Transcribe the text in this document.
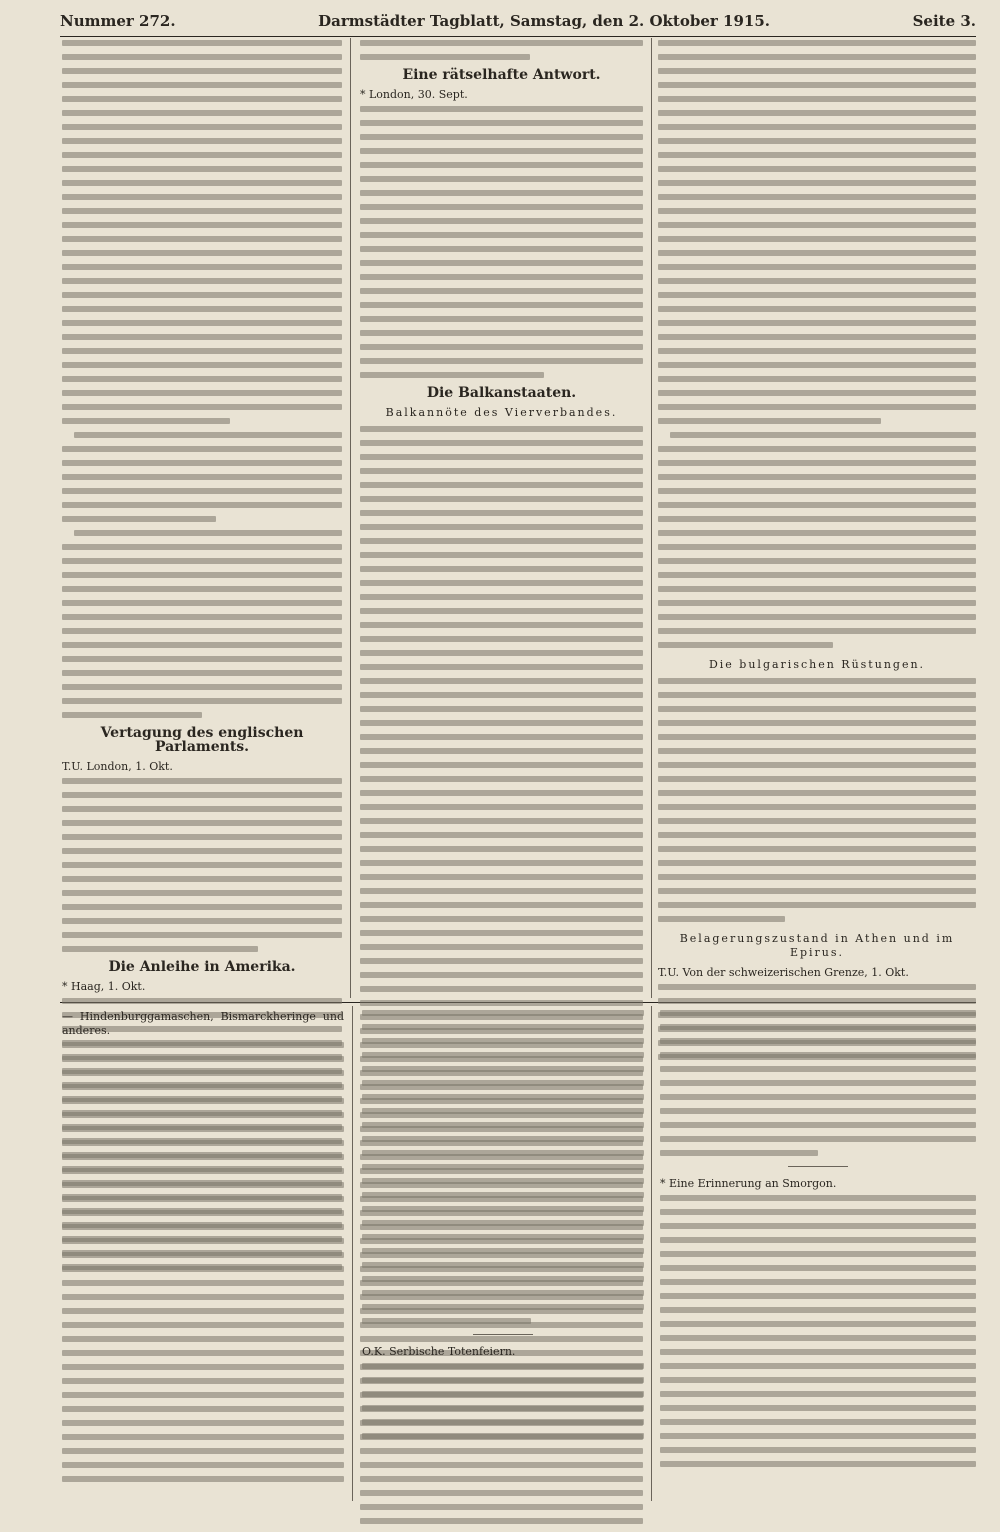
Nummer 272.	Darmstädter Tagblatt, Samstag, den 2. Oktober 1915.	Seite 3.
Vertagung des englischen Parlaments.
T.U. London, 1. Okt.
Die Anleihe in Amerika.
* Haag, 1. Okt.
Eine rätselhafte Antwort.
* London, 30. Sept.
Die Balkanstaaten.
Balkannöte des Vierverbandes.
Die bulgarischen Rüstungen.
Belagerungszustand in Athen und im Epirus.
T.U. Von der schweizerischen Grenze, 1. Okt.
— Hindenburggamaschen, Bismarckheringe und anderes.
O.K. Serbische Totenfeiern.
* Eine Erinnerung an Smorgon.
